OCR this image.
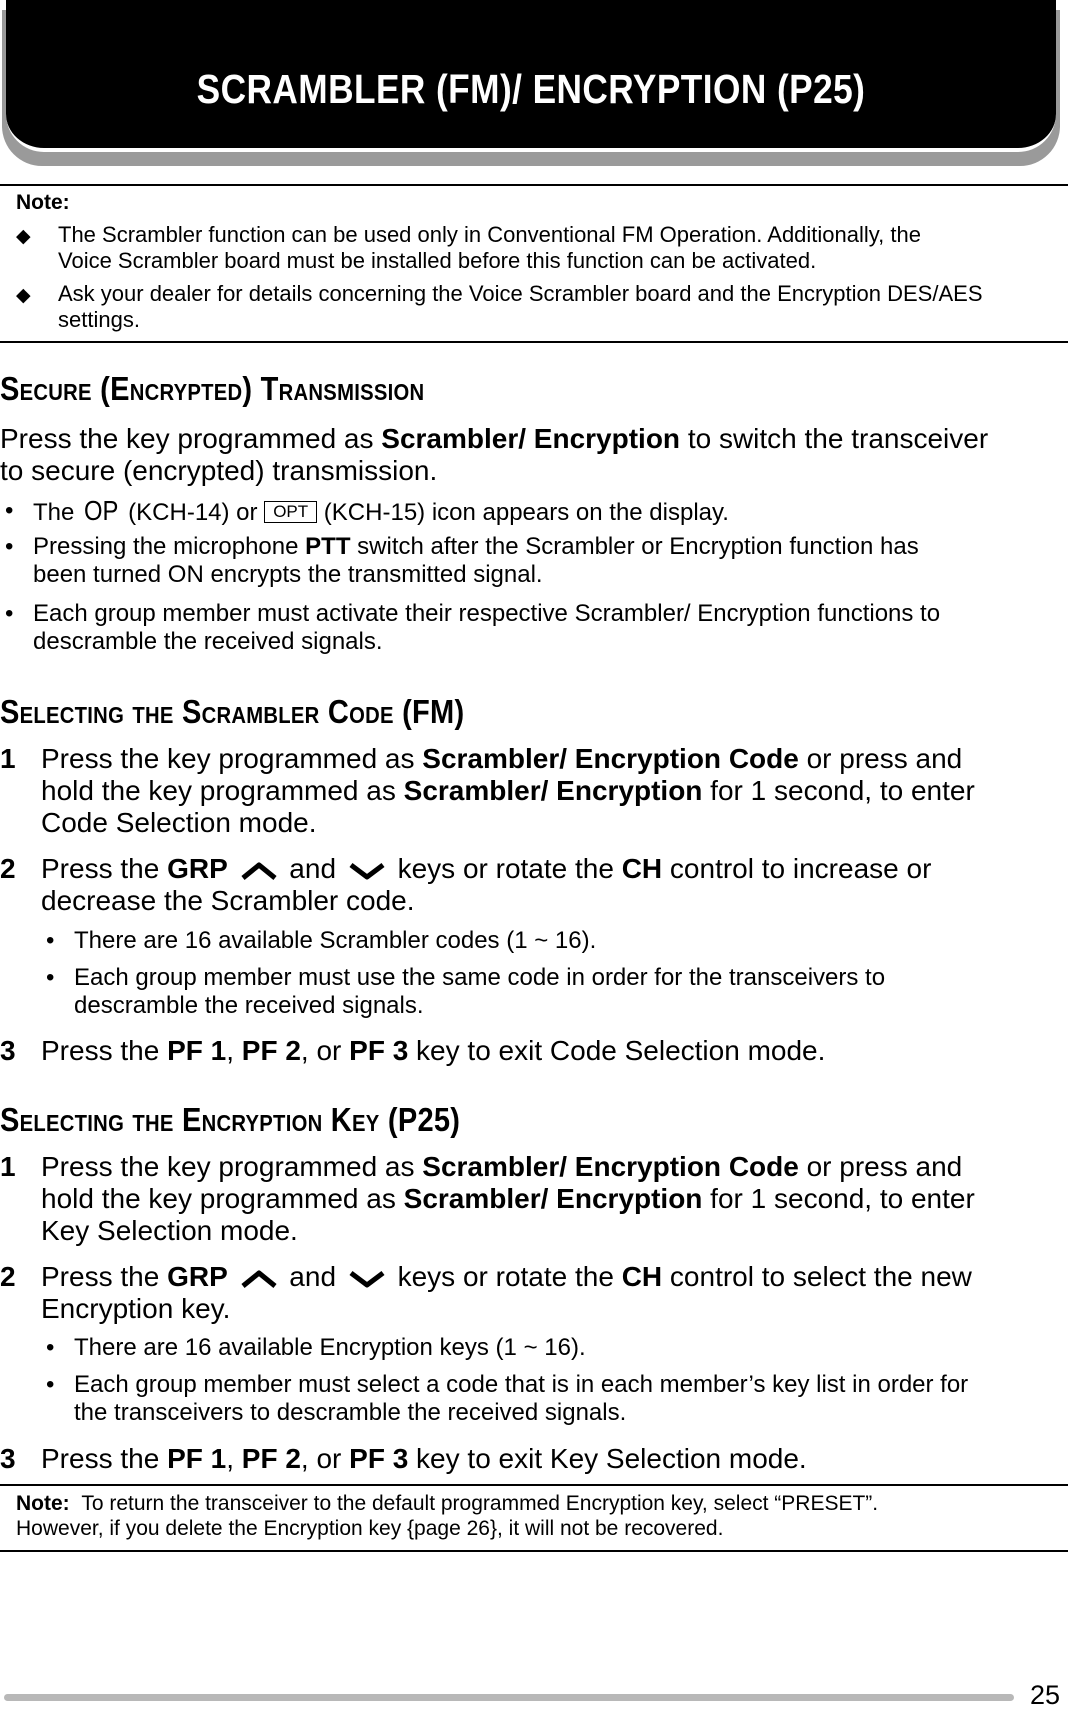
SCRAMBLER (FM)/ ENCRYPTION (P25)
Note:
◆ The Scrambler function can be used only in Conventional FM Operation. Additionally, the
Voice Scrambler board must be installed before this function can be activated.
◆ Ask your dealer for details concerning the Voice Scrambler board and the Encryption DES/AES
settings.
Secure (Encrypted) Transmission
Press the key programmed as Scrambler/ Encryption to switch the transceiver
to secure (encrypted) transmission.
• The OP (KCH-14) or OPT (KCH-15) icon appears on the display.
• Pressing the microphone PTT switch after the Scrambler or Encryption function has
been turned ON encrypts the transmitted signal.
• Each group member must activate their respective Scrambler/ Encryption functions to
descramble the received signals.
Selecting the Scrambler Code (FM)
1 Press the key programmed as Scrambler/ Encryption Code or press and
hold the key programmed as Scrambler/ Encryption for 1 second, to enter
Code Selection mode.
2 Press the GRP  and  keys or rotate the CH control to increase or
decrease the Scrambler code.
• There are 16 available Scrambler codes (1 ~ 16).
• Each group member must use the same code in order for the transceivers to
descramble the received signals.
3 Press the PF 1, PF 2, or PF 3 key to exit Code Selection mode.
Selecting the Encryption Key (P25)
1 Press the key programmed as Scrambler/ Encryption Code or press and
hold the key programmed as Scrambler/ Encryption for 1 second, to enter
Key Selection mode.
2 Press the GRP  and  keys or rotate the CH control to select the new
Encryption key.
• There are 16 available Encryption keys (1 ~ 16).
• Each group member must select a code that is in each member’s key list in order for
the transceivers to descramble the received signals.
3 Press the PF 1, PF 2, or PF 3 key to exit Key Selection mode.
Note: To return the transceiver to the default programmed Encryption key, select “PRESET”.
However, if you delete the Encryption key {page 26}, it will not be recovered.
25
